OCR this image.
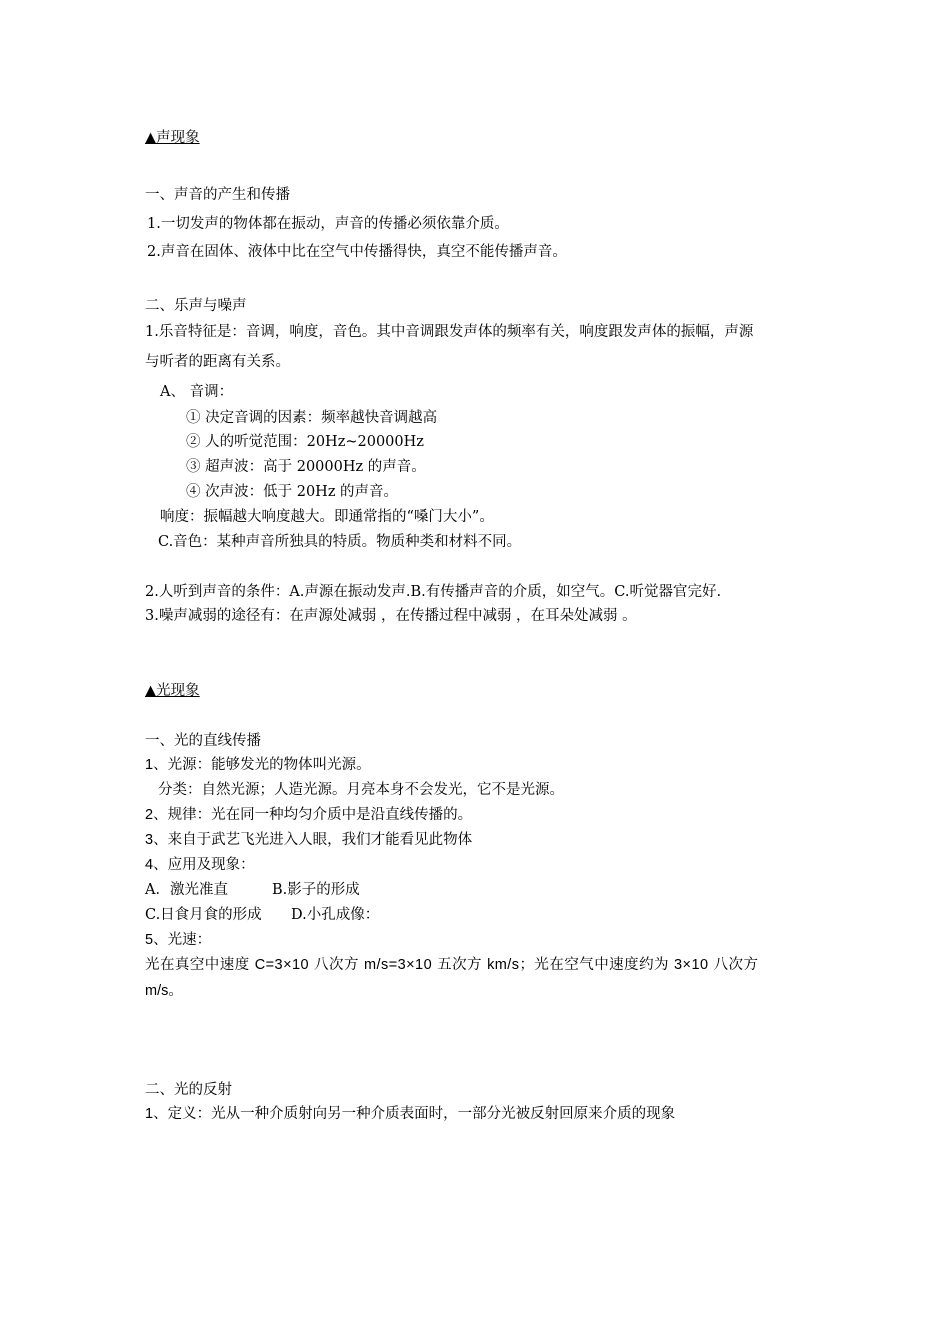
▲声现象
一、声音的产生和传播
1.一切发声的物体都在振动，声音的传播必须依靠介质。
2.声音在固体、液体中比在空气中传播得快，真空不能传播声音。
二、乐声与噪声
1.乐音特征是：音调，响度，音色。其中音调跟发声体的频率有关，响度跟发声体的振幅，声源
与听者的距离有关系。
A、 音调：
① 决定音调的因素：频率越快音调越高
② 人的听觉范围：20Hz~20000Hz
③ 超声波：高于 20000Hz 的声音。
④ 次声波：低于 20Hz 的声音。
响度：振幅越大响度越大。即通常指的“嗓门大小”。
C.音色：某种声音所独具的特质。物质种类和材料不同。
2.人听到声音的条件：A.声源在振动发声.B.有传播声音的介质，如空气。C.听觉器官完好.
3.噪声减弱的途径有：在声源处减弱 ，在传播过程中减弱 ，在耳朵处减弱 。
▲光现象
一、光的直线传播
1、光源：能够发光的物体叫光源。
分类：自然光源；人造光源。月亮本身不会发光，它不是光源。
2、规律：光在同一种均匀介质中是沿直线传播的。
3、来自于武艺飞光进入人眼，我们才能看见此物体
4、应用及现象：
A．激光准直	B.影子的形成
C.日食月食的形成 D.小孔成像：
5、光速：
光在真空中速度 C=3×10 八次方 m/s=3×10 五次方 km/s；光在空气中速度约为 3×10 八次方
m/s。
二、光的反射
1、定义：光从一种介质射向另一种介质表面时，一部分光被反射回原来介质的现象
